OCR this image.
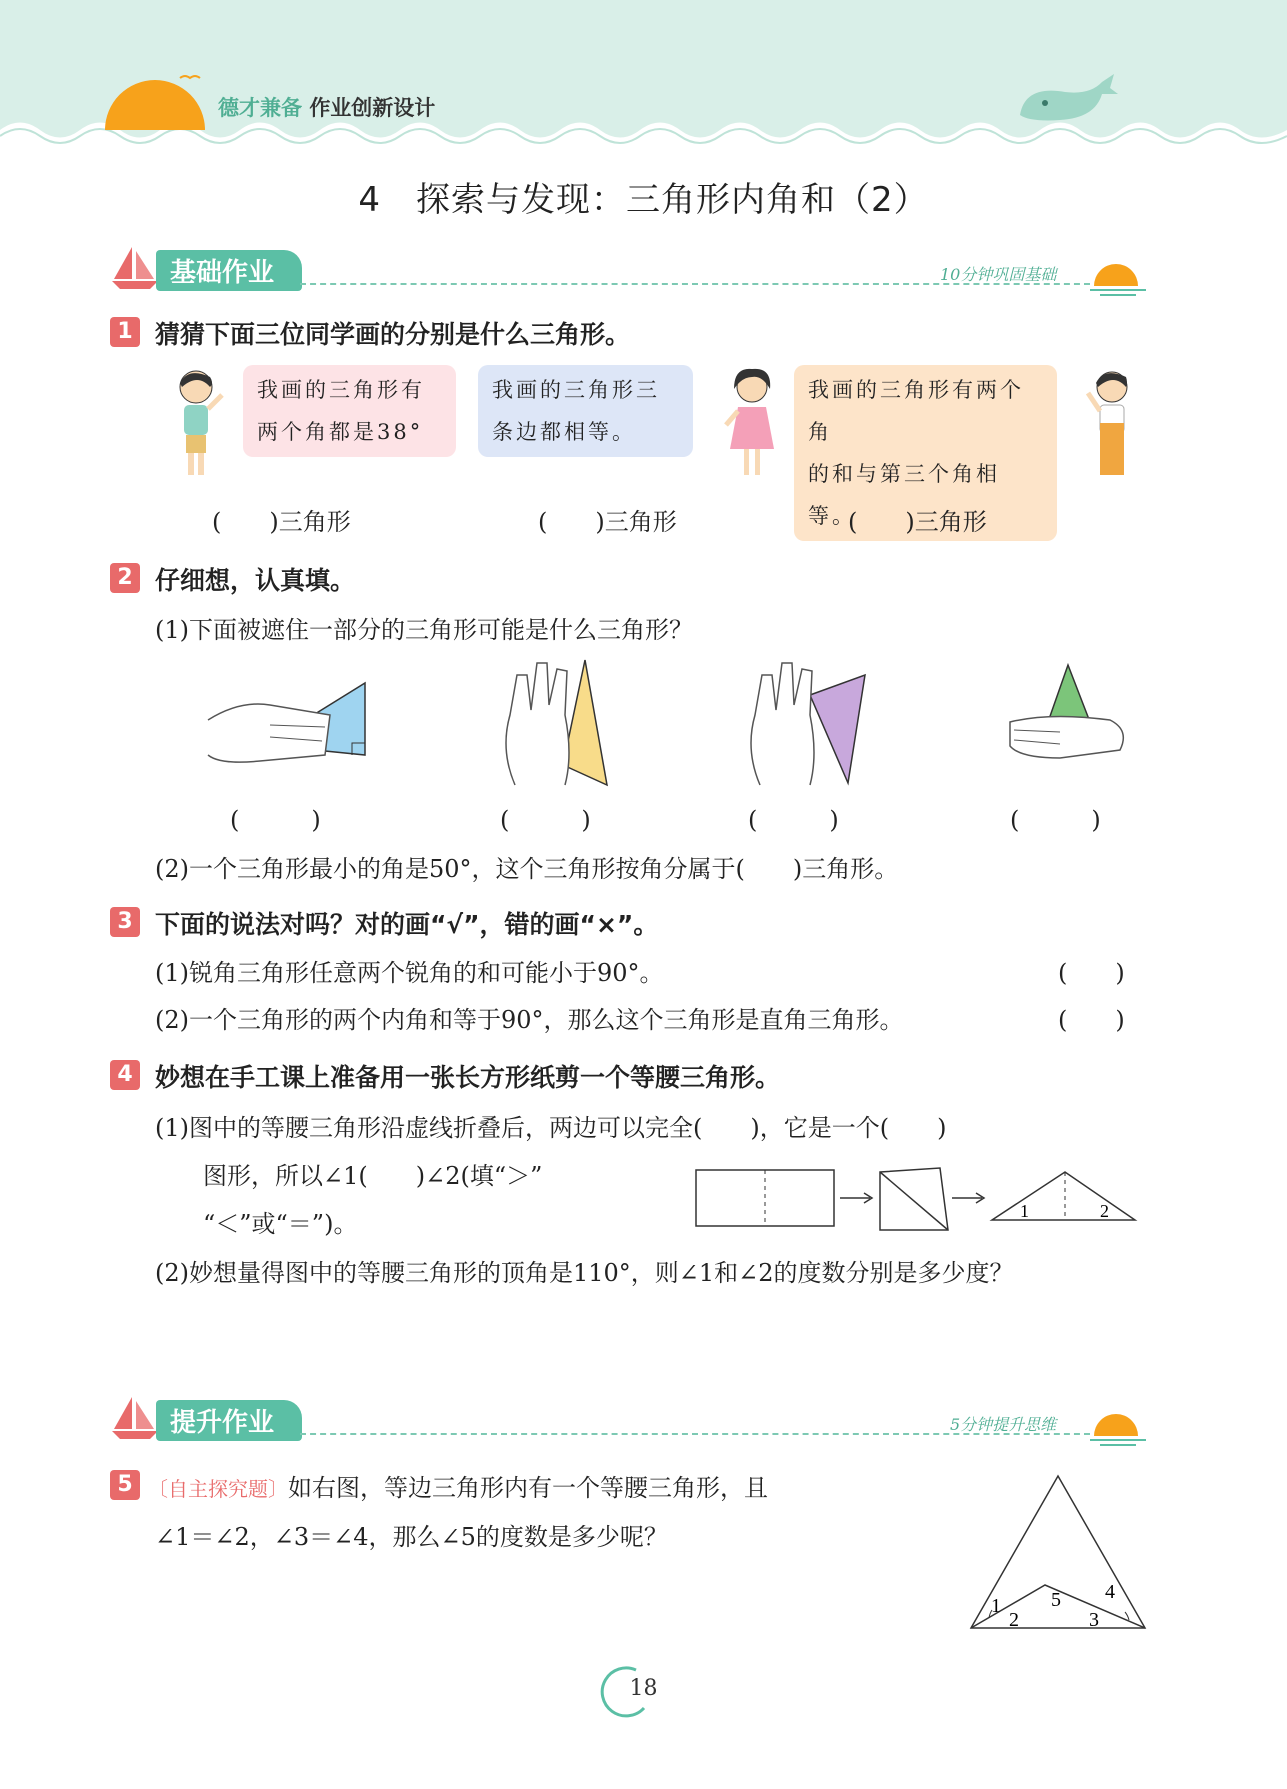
德才兼备 作业创新设计
4　探索与发现：三角形内角和（2）
基础作业	10分钟巩固基础
1 猜猜下面三位同学画的分别是什么三角形。
我画的三角形有
两个角都是38°
我画的三角形三
条边都相等。
我画的三角形有两个角
的和与第三个角相等。
(　　)三角形	(　　)三角形	(　　)三角形
2 仔细想，认真填。
(1)下面被遮住一部分的三角形可能是什么三角形？
(　　　)	(　　　)	(　　　)	(　　　)
(2)一个三角形最小的角是50°，这个三角形按角分属于(　　)三角形。
3 下面的说法对吗？对的画“√”，错的画“×”。
(1)锐角三角形任意两个锐角的和可能小于90°。	(　　)
(2)一个三角形的两个内角和等于90°，那么这个三角形是直角三角形。	(　　)
4 妙想在手工课上准备用一张长方形纸剪一个等腰三角形。
(1)图中的等腰三角形沿虚线折叠后，两边可以完全(　　)，它是一个(　　)
图形，所以∠1(　　)∠2(填“＞”
“＜”或“＝”)。	1	2
(2)妙想量得图中的等腰三角形的顶角是110°，则∠1和∠2的度数分别是多少度？
提升作业	5分钟提升思维
5 〔自主探究题〕如右图，等边三角形内有一个等腰三角形，且
∠1＝∠2，∠3＝∠4，那么∠5的度数是多少呢？
1
2
5 4
3
18
